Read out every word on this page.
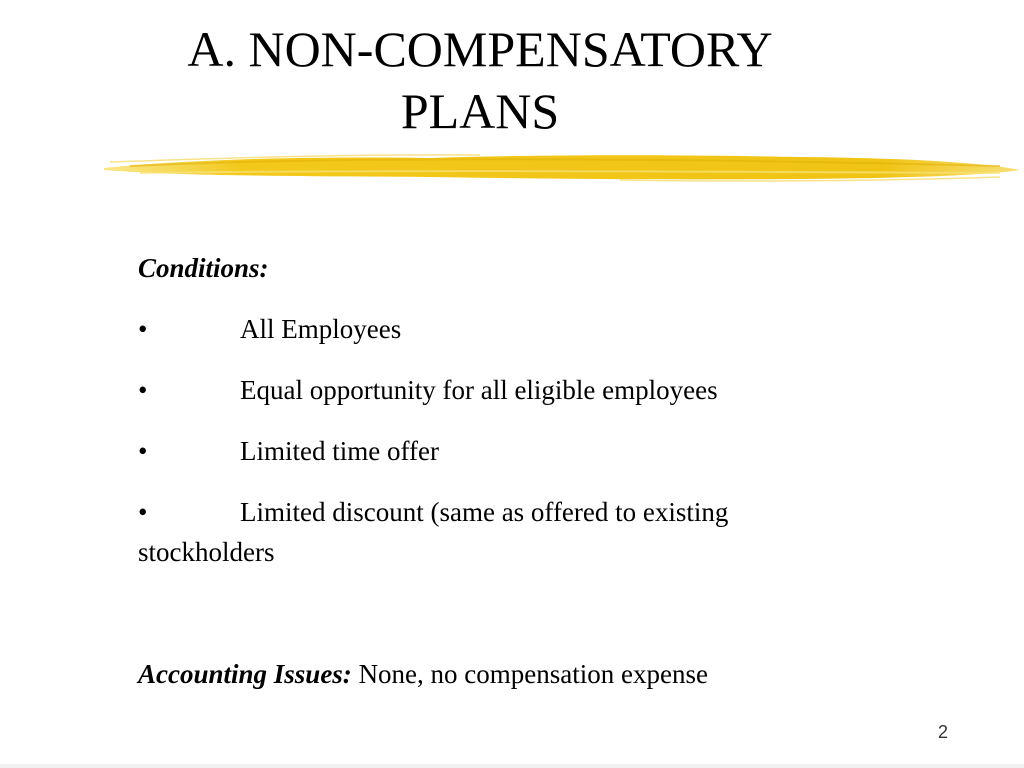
A. NON-COMPENSATORY
PLANS
Conditions:
•	All Employees
•	Equal opportunity for all eligible employees
•	Limited time offer
•	Limited discount (same as offered to existing
stockholders
Accounting Issues: None, no compensation expense
2
